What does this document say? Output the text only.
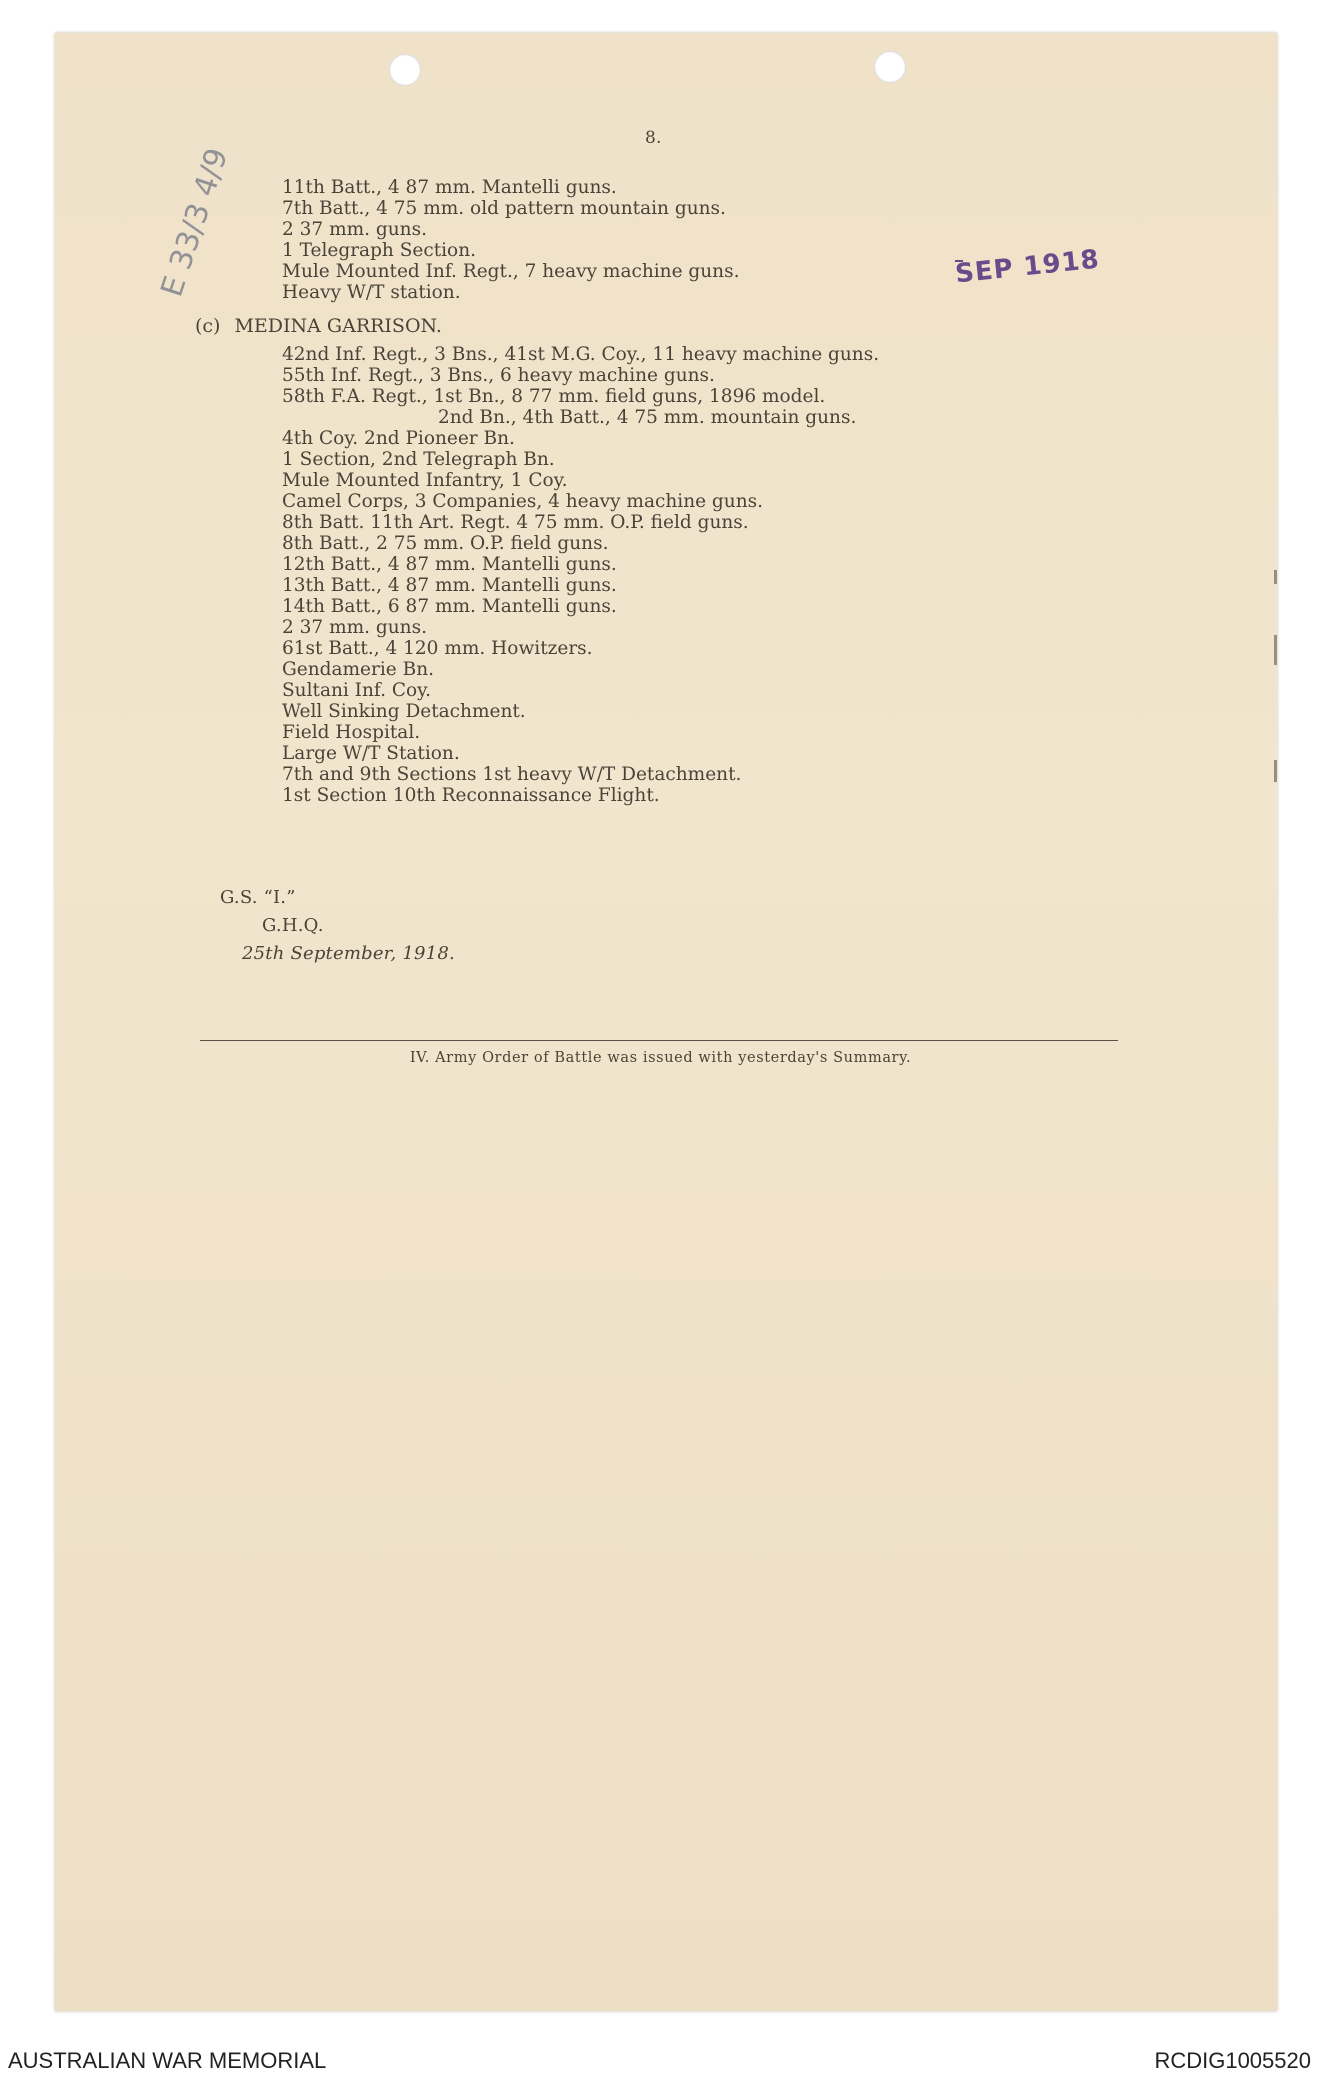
8.
E 33/3 4/9	SEP 1918
11th Batt., 4 87 mm. Mantelli guns.
7th Batt., 4 75 mm. old pattern mountain guns.
2 37 mm. guns.
1 Telegraph Section.
Mule Mounted Inf. Regt., 7 heavy machine guns.
Heavy W/T station.
(c) MEDINA GARRISON.
42nd Inf. Regt., 3 Bns., 41st M.G. Coy., 11 heavy machine guns.
55th Inf. Regt., 3 Bns., 6 heavy machine guns.
58th F.A. Regt., 1st Bn., 8 77 mm. field guns, 1896 model.
2nd Bn., 4th Batt., 4 75 mm. mountain guns.
4th Coy. 2nd Pioneer Bn.
1 Section, 2nd Telegraph Bn.
Mule Mounted Infantry, 1 Coy.
Camel Corps, 3 Companies, 4 heavy machine guns.
8th Batt. 11th Art. Regt. 4 75 mm. O.P. field guns.
8th Batt., 2 75 mm. O.P. field guns.
12th Batt., 4 87 mm. Mantelli guns.
13th Batt., 4 87 mm. Mantelli guns.
14th Batt., 6 87 mm. Mantelli guns.
2 37 mm. guns.
61st Batt., 4 120 mm. Howitzers.
Gendamerie Bn.
Sultani Inf. Coy.
Well Sinking Detachment.
Field Hospital.
Large W/T Station.
7th and 9th Sections 1st heavy W/T Detachment.
1st Section 10th Reconnaissance Flight.
G.S. “I.”
G.H.Q.
25th September, 1918.
IV. Army Order of Battle was issued with yesterday's Summary.
AUSTRALIAN WAR MEMORIAL	RCDIG1005520
